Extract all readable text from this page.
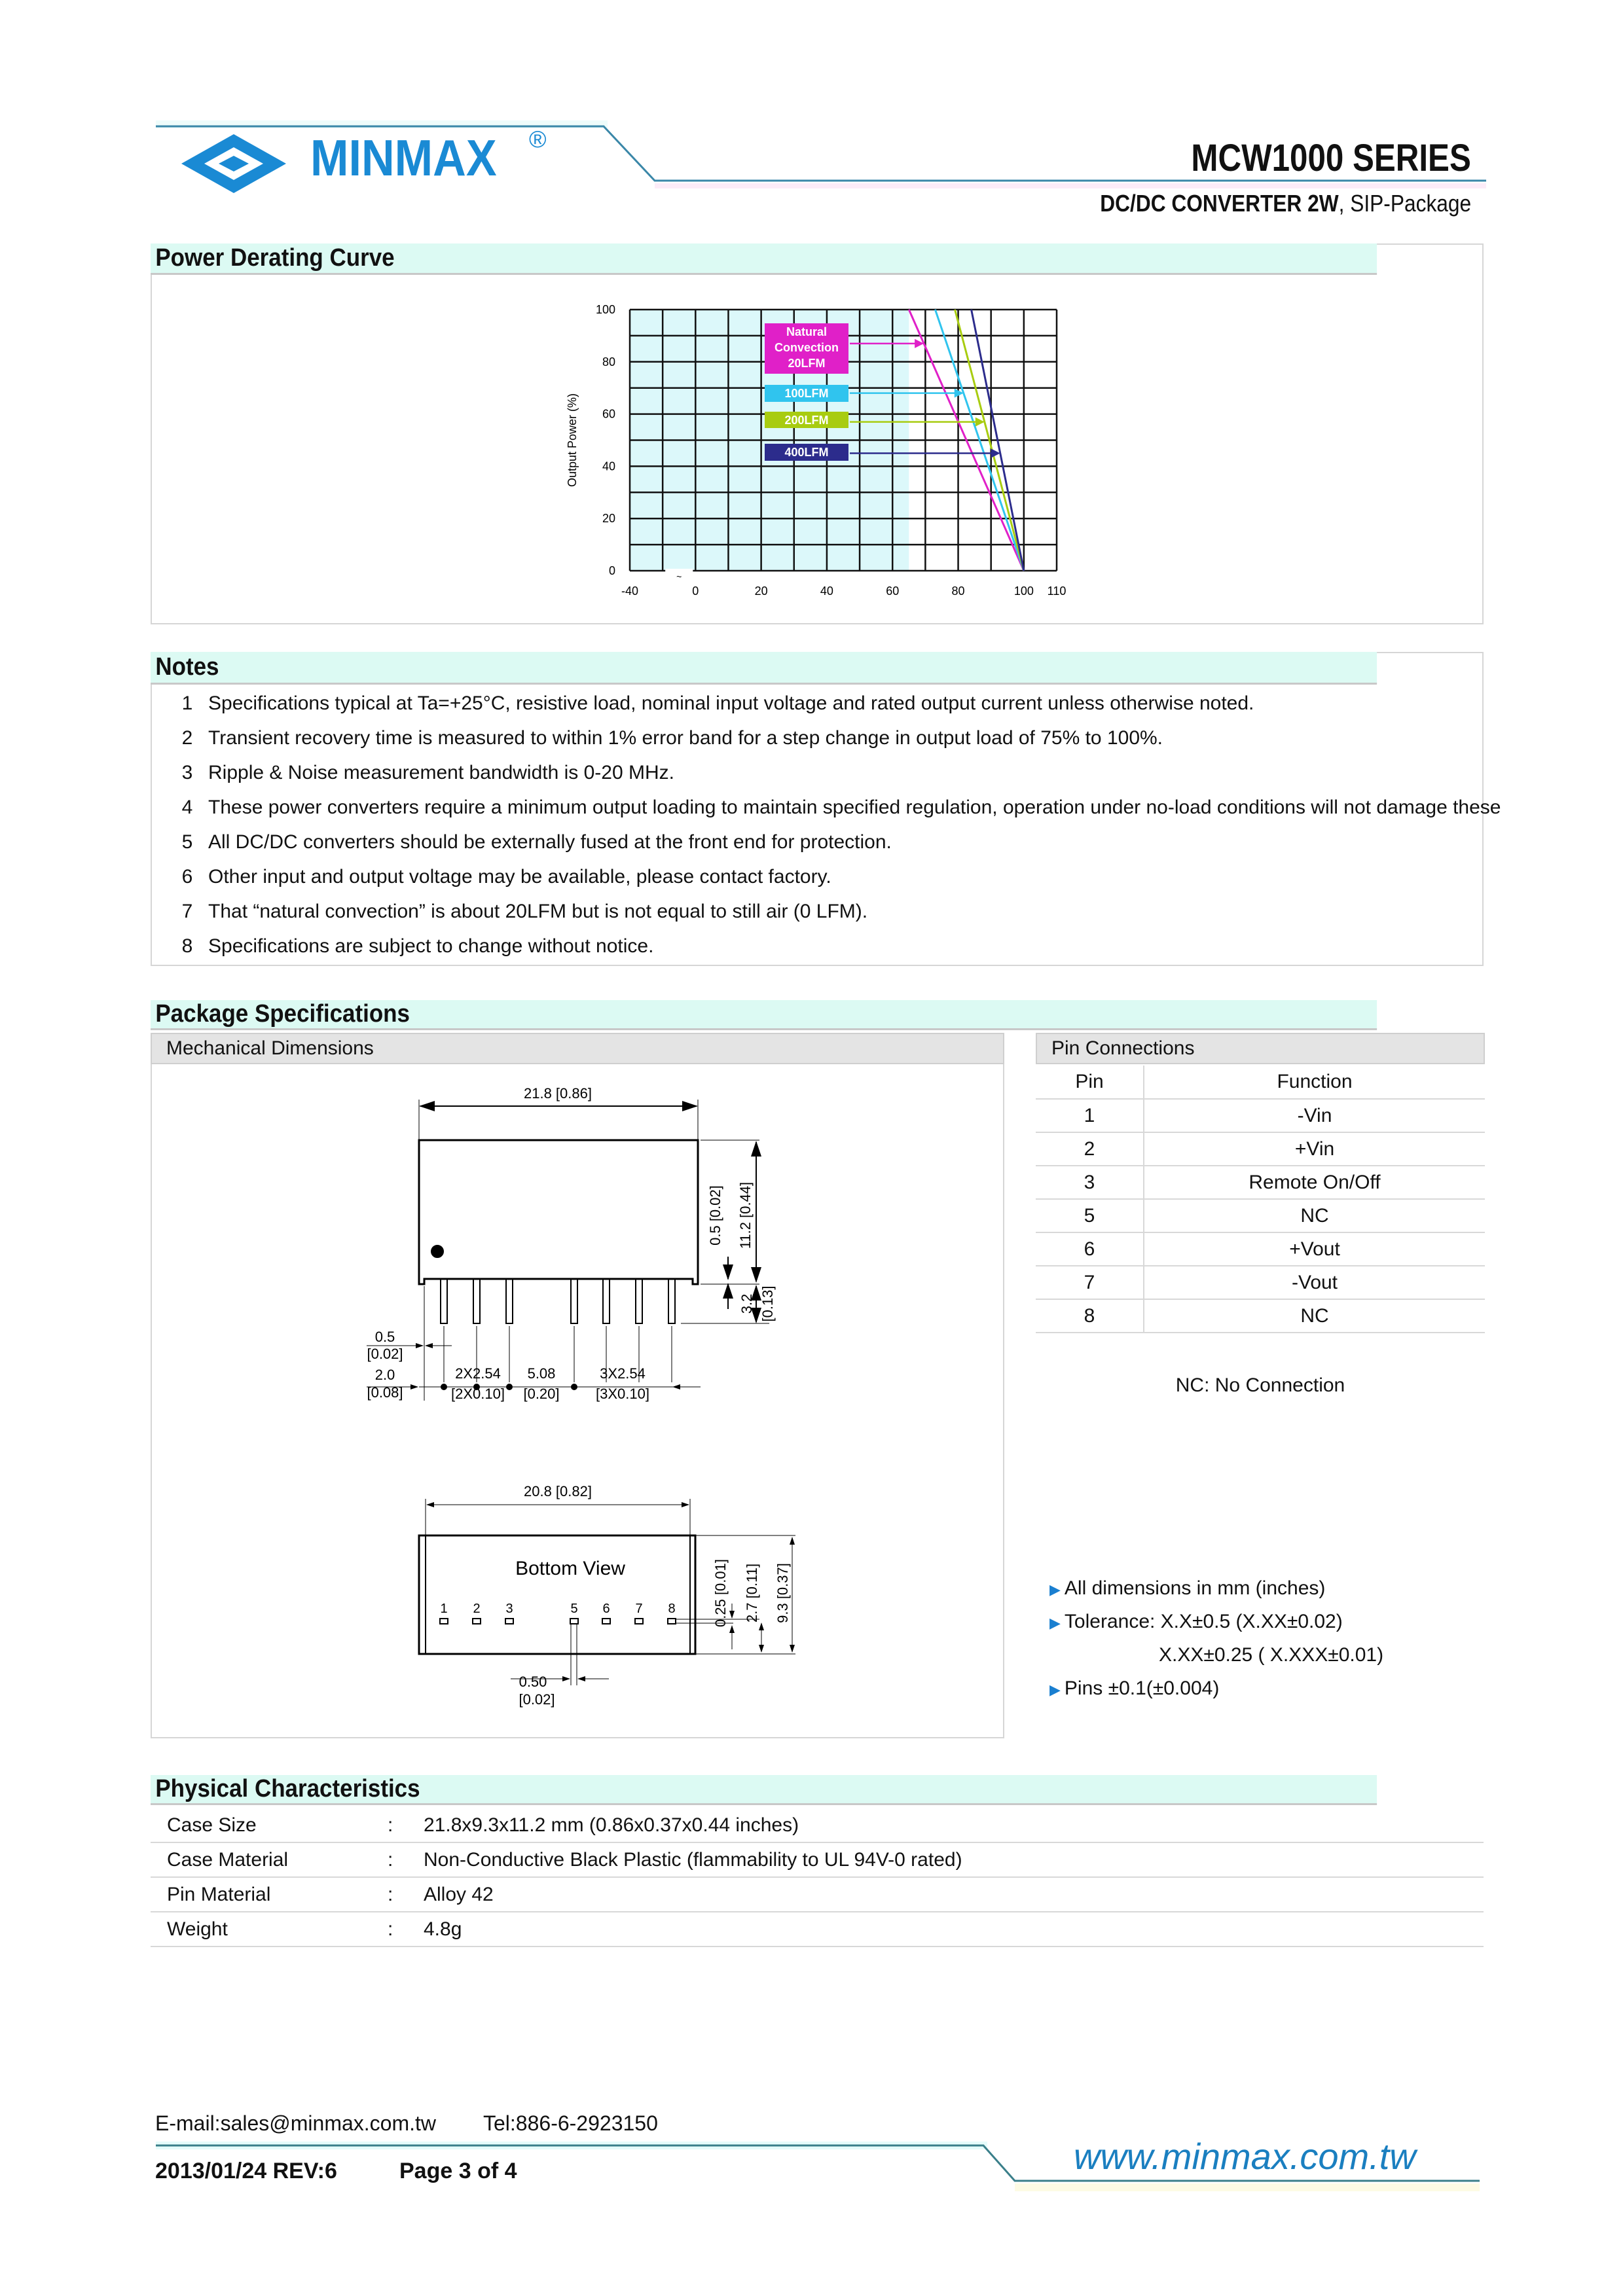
MINMAX ®	MCW1000 SERIES
DC/DC CONVERTER 2W, SIP-Package
Power Derating Curve
~
-40	0	20	40	60	80	100 110
0
20
40
60
80
100
Output Power (%)
Natural
Convection
20LFM
100LFM
200LFM
400LFM
Notes
1 Specifications typical at Ta=+25°C, resistive load, nominal input voltage and rated output current unless otherwise noted.
2 Transient recovery time is measured to within 1% error band for a step change in output load of 75% to 100%.
3 Ripple & Noise measurement bandwidth is 0-20 MHz.
4 These power converters require a minimum output loading to maintain specified regulation, operation under no-load conditions will not damage these
5 All DC/DC converters should be externally fused at the front end for protection.
6 Other input and output voltage may be available, please contact factory.
7 That “natural convection” is about 20LFM but is not equal to still air (0 LFM).
8 Specifications are subject to change without notice.
Package Specifications
Mechanical Dimensions	Pin Connections
Pin	Function
1	-Vin
2	+Vin
3	Remote On/Off
5	NC
6	+Vout
7	-Vout
8	NC
NC: No Connection
▶ All dimensions in mm (inches)
▶ Tolerance: X.X±0.5 (X.XX±0.02)
X.XX±0.25 ( X.XXX±0.01)
▶ Pins ±0.1(±0.004)
21.8 [0.86]
0.5 [0.02] 11.2 [0.44]
3.2 [0.13]
0.5
[0.02]
2.0
[0.08]
2X2.54
[2X0.10]
5.08
[0.20]
3X2.54
[3X0.10]
1 2 3	5 6 7 8
20.8 [0.82]
Bottom View	0.25 [0.01] 2.7 [0.11] 9.3 [0.37]
0.50
[0.02]
Physical Characteristics
Case Size	: 21.8x9.3x11.2 mm (0.86x0.37x0.44 inches)
Case Material	: Non-Conductive Black Plastic (flammability to UL 94V-0 rated)
Pin Material	: Alloy 42
Weight	: 4.8g
E-mail:sales@minmax.com.tw Tel:886-6-2923150
2013/01/24 REV:6	Page 3 of 4	www.minmax.com.tw
